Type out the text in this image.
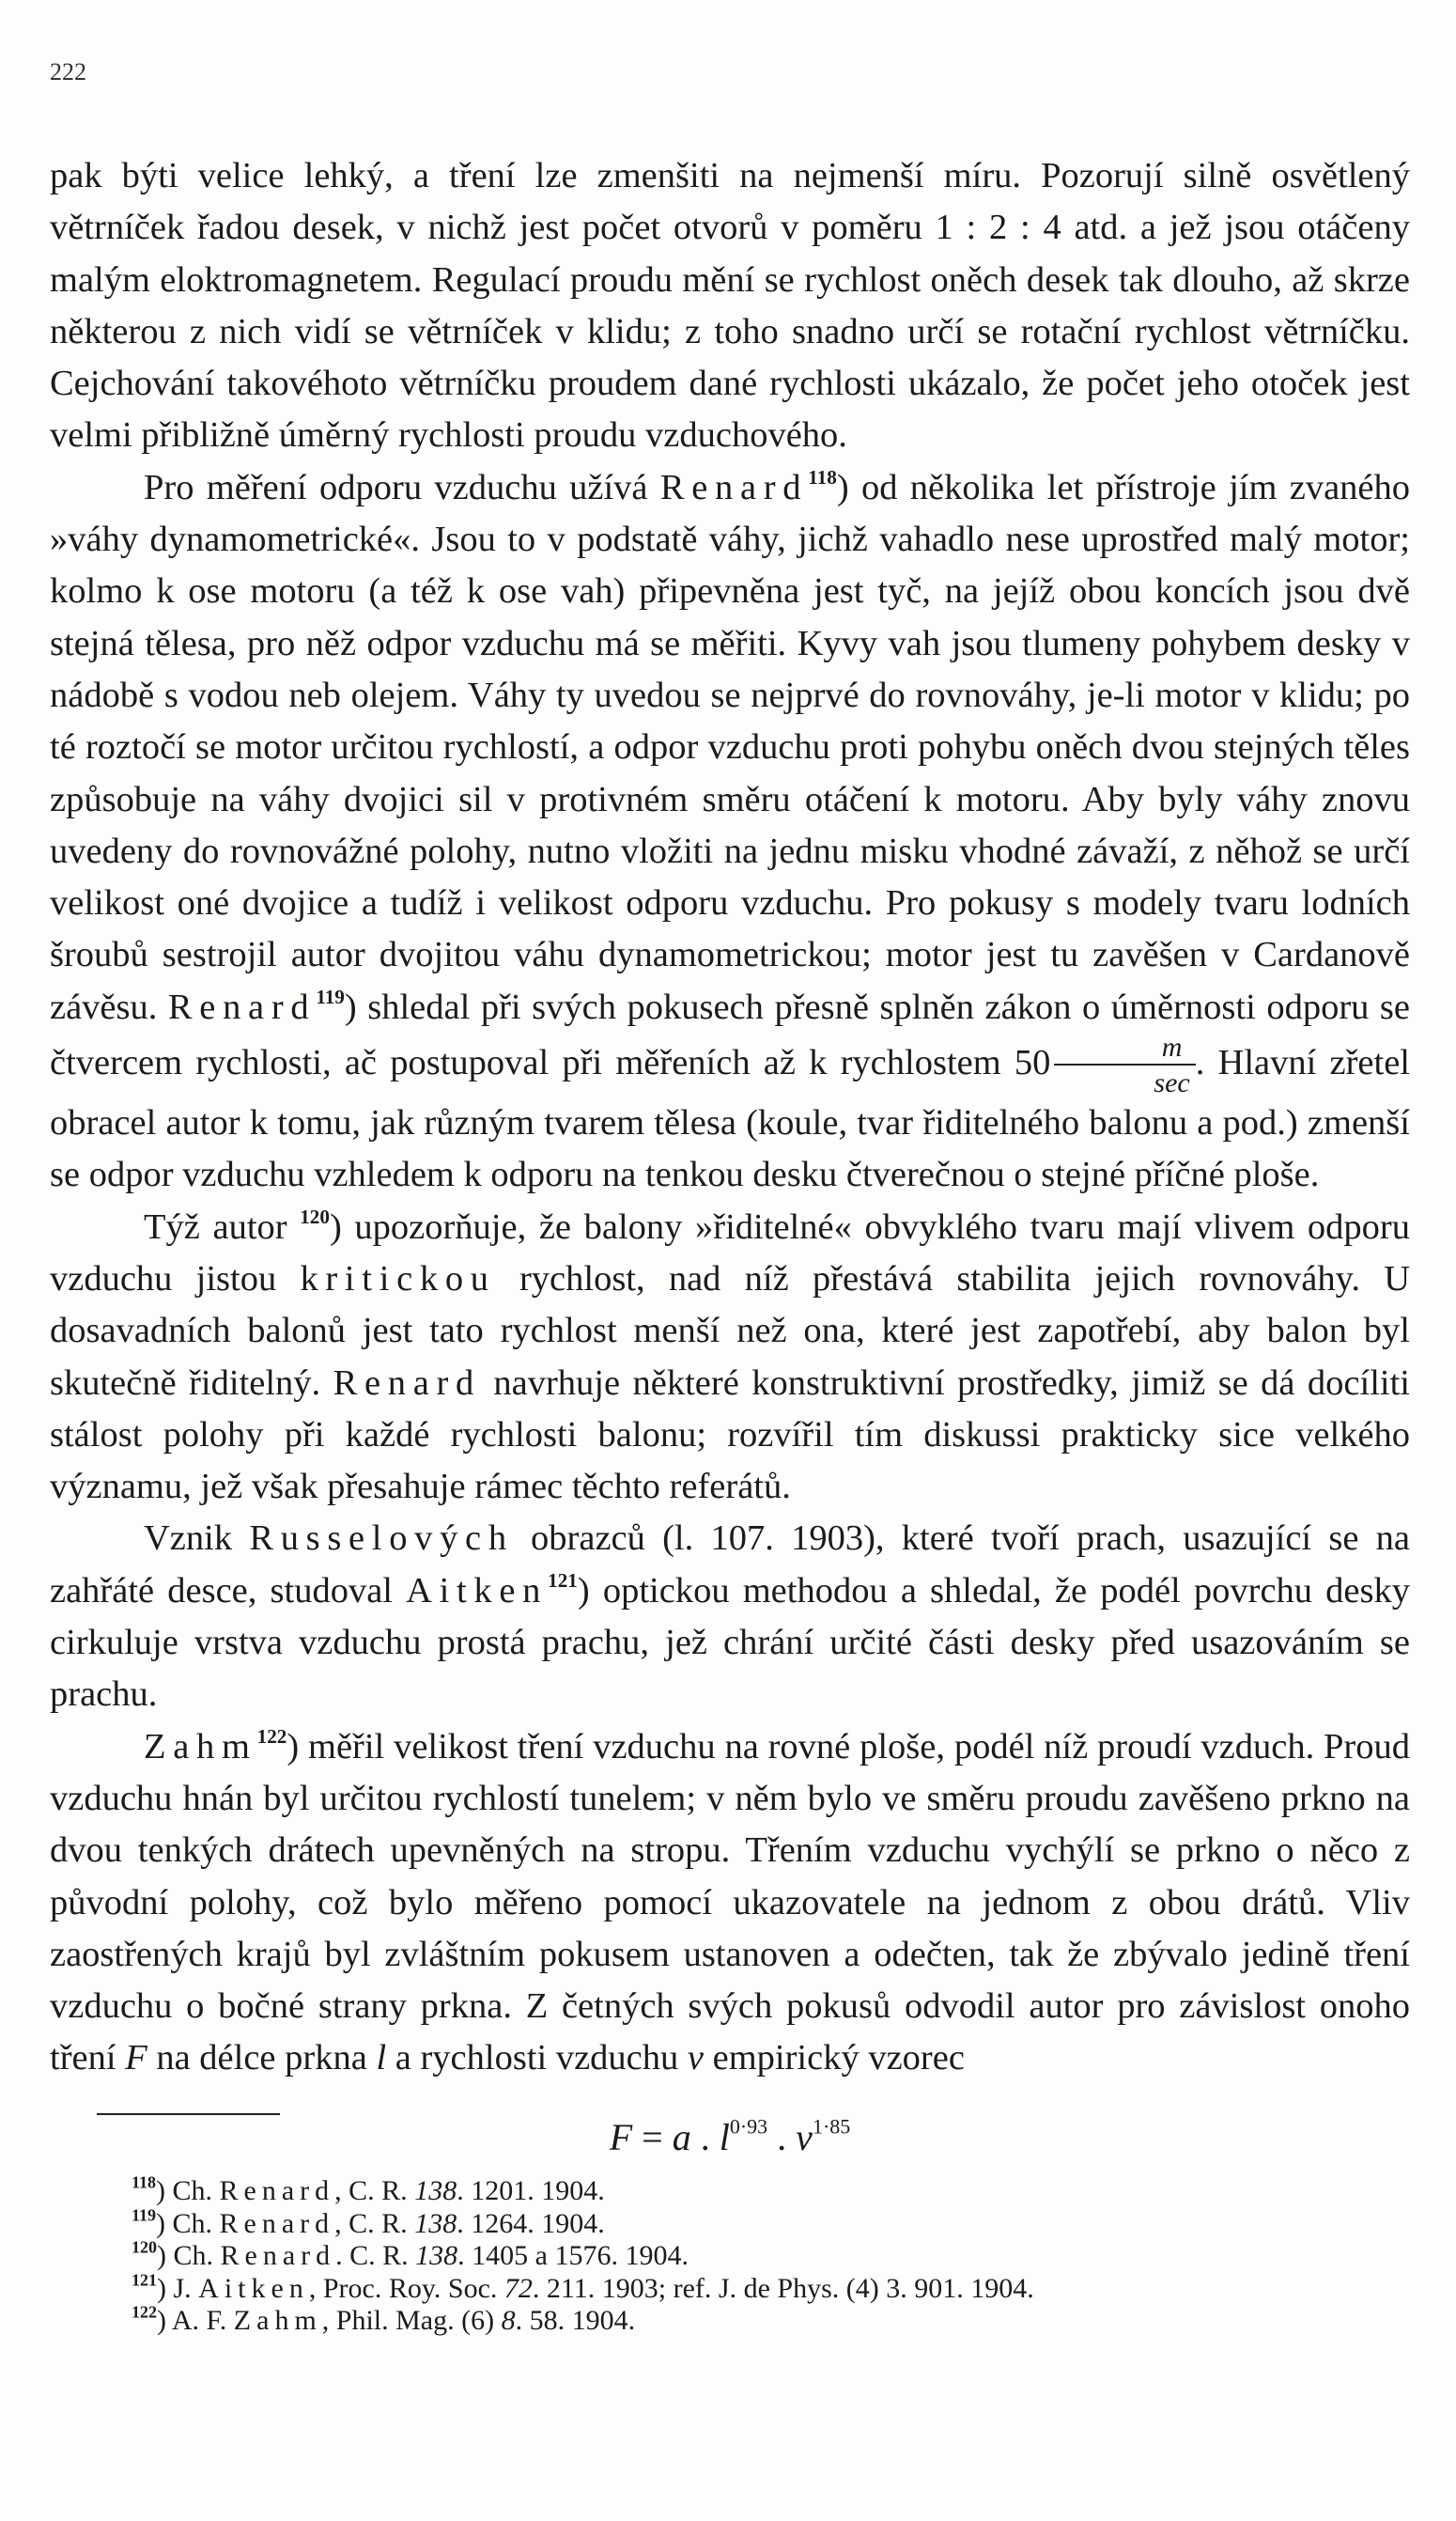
222

pak býti velice lehký, a tření lze zmenšiti na nejmenší míru. Pozorují silně osvětlený větrníček řadou desek, v nichž jest počet otvorů v poměru 1 : 2 : 4 atd. a jež jsou otáčeny malým eloktromagnetem. Regulací proudu mění se rychlost oněch desek tak dlouho, až skrze některou z nich vidí se větrníček v klidu; z toho snadno určí se rotační rychlost větrníčku. Cejchování takovéhoto větrníčku proudem dané rychlosti ukázalo, že počet jeho otoček jest velmi přibližně úměrný rychlosti proudu vzduchového.

Pro měření odporu vzduchu užívá Renard$^{118}$) od několika let přístroje jím zvaného »váhy dynamometrické«. Jsou to v podstatě váhy, jichž vahadlo nese uprostřed malý motor; kolmo k ose motoru (a též k ose vah) připevněna jest tyč, na jejíž obou koncích jsou dvě stejná tělesa, pro něž odpor vzduchu má se měřiti. Kyvy vah jsou tlumeny pohybem desky v nádobě s vodou neb olejem. Váhy ty uvedou se nejprvé do rovnováhy, je-li motor v klidu; po té roztočí se motor určitou rychlostí, a odpor vzduchu proti pohybu oněch dvou stejných těles způsobuje na váhy dvojici sil v protivném směru otáčení k motoru. Aby byly váhy znovu uvedeny do rovnovážné polohy, nutno vložiti na jednu misku vhodné závaží, z něhož se určí velikost oné dvojice a tudíž i velikost odporu vzduchu. Pro pokusy s modely tvaru lodních šroubů sestrojil autor dvojitou váhu dynamometrickou; motor jest tu zavěšen v Cardanově závěsu. Renard$^{119}$) shledal při svých pokusech přesně splněn zákon o úměrnosti odporu se čtvercem rychlosti, ač postupoval při měřeních až k rychlostem $50 \frac{m}{\sec}$ . Hlavní zřetel obracel autor k tomu, jak různým tvarem tělesa (koule, tvar řiditelného balonu a pod.) zmenší se odpor vzduchu vzhledem k odporu na tenkou desku čtverečnou o stejné příčné ploše.

Týž autor $^{120}$) upozorňuje, že balony »řiditelné« obvyklého tvaru mají vlivem odporu vzduchu jistou kritickou rychlost, nad níž přestává stabilita jejich rovnováhy. U dosavadních balonů jest tato rychlost menší než ona, které jest zapotřebí, aby balon byl skutečně řiditelný. Renard navrhuje některé konstruktivní prostředky, jimiž se dá docíliti stálost polohy při každé rychlosti balonu; rozvířil tím diskussi prakticky sice velkého významu, jež však přesahuje rámec těchto referátů.

Vznik Russelových obrazců (l. 107. 1903), které tvoří prach, usazující se na zahřáté desce, studoval Aitken$^{121}$) optickou methodou a shledal, že podél povrchu desky cirkuluje vrstva vzduchu prostá prachu, jež chrání určité části desky před usazováním se prachu.

Zahm$^{122}$) měřil velikost tření vzduchu na rovné ploše, podél níž proudí vzduch. Proud vzduchu hnán byl určitou rychlostí tunelem; v něm bylo ve směru proudu zavěšeno prkno na dvou tenkých drátech upevněných na stropu. Třením vzduchu vychýlí se prkno o něco z původní polohy, což bylo měřeno pomocí ukazovatele na jednom z obou drátů. Vliv zaostřených krajů byl zvláštním pokusem ustanoven a odečten, tak že zbývalo jedině tření vzduchu o bočné strany prkna. Z četných svých pokusů odvodil autor pro závislost onoho tření F na délce prkna l a rychlosti vzduchu v empirický vzorec

F = a . $l^{0\cdot 93}$ . $v^{1\cdot 85}$
$^{118}$) Ch. Renard, C. R. 138. 1201. 1904.
$^{119}$) Ch. Renard, C. R. 138. 1264. 1904.
$^{120}$) Ch. Renard. C. R. 138. 1405 a 1576. 1904.
$^{121}$) J. Aitken, Proc. Roy. Soc. 72. 211. 1903; ref. J. de Phys. (4) 3. 901. 1904.
$^{122}$) A. F. Zahm, Phil. Mag. (6) 8. 58. 1904.
